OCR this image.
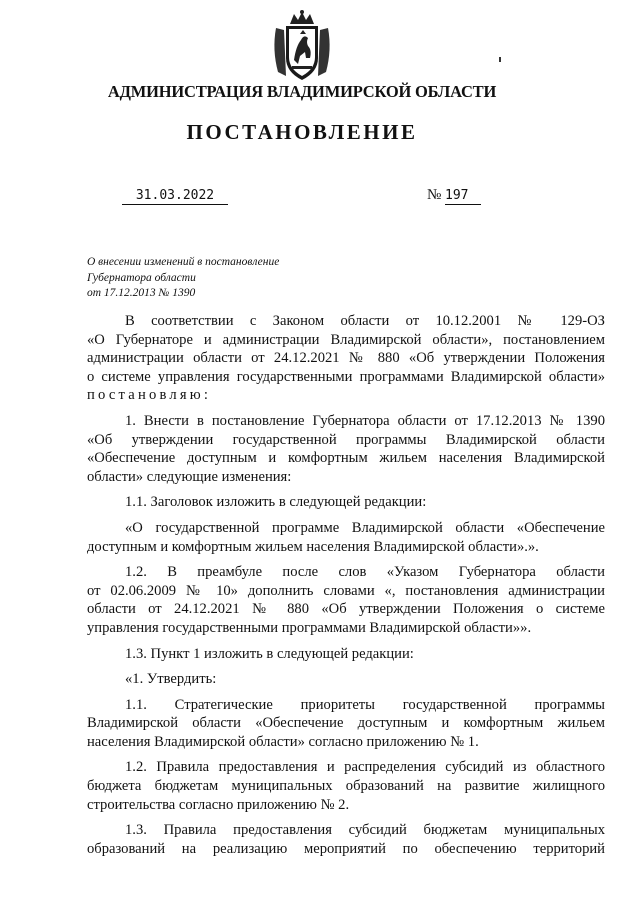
АДМИНИСТРАЦИЯ ВЛАДИМИРСКОЙ ОБЛАСТИ
ПОСТАНОВЛЕНИЕ
31.03.2022	№ 197
О внесении изменений в постановление
Губернатора области
от 17.12.2013 № 1390
В соответствии с Законом области от 10.12.2001 № 129-ОЗ
«О Губернаторе и администрации Владимирской области», постановлением
администрации области от 24.12.2021 № 880 «Об утверждении Положения
о системе управления государственными программами Владимирской области»
постановляю:
1. Внести в постановление Губернатора области от 17.12.2013 № 1390
«Об утверждении государственной программы Владимирской области
«Обеспечение доступным и комфортным жильем населения Владимирской
области» следующие изменения:
1.1. Заголовок изложить в следующей редакции:
«О государственной программе Владимирской области «Обеспечение
доступным и комфортным жильем населения Владимирской области».».
1.2. В преамбуле после слов «Указом Губернатора области
от 02.06.2009 № 10» дополнить словами «, постановления администрации
области от 24.12.2021 № 880 «Об утверждении Положения о системе
управления государственными программами Владимирской области»».
1.3. Пункт 1 изложить в следующей редакции:
«1. Утвердить:
1.1. Стратегические приоритеты государственной программы
Владимирской области «Обеспечение доступным и комфортным жильем
населения Владимирской области» согласно приложению № 1.
1.2. Правила предоставления и распределения субсидий из областного
бюджета бюджетам муниципальных образований на развитие жилищного
строительства согласно приложению № 2.
1.3. Правила предоставления субсидий бюджетам муниципальных
образований на реализацию мероприятий по обеспечению территорий
